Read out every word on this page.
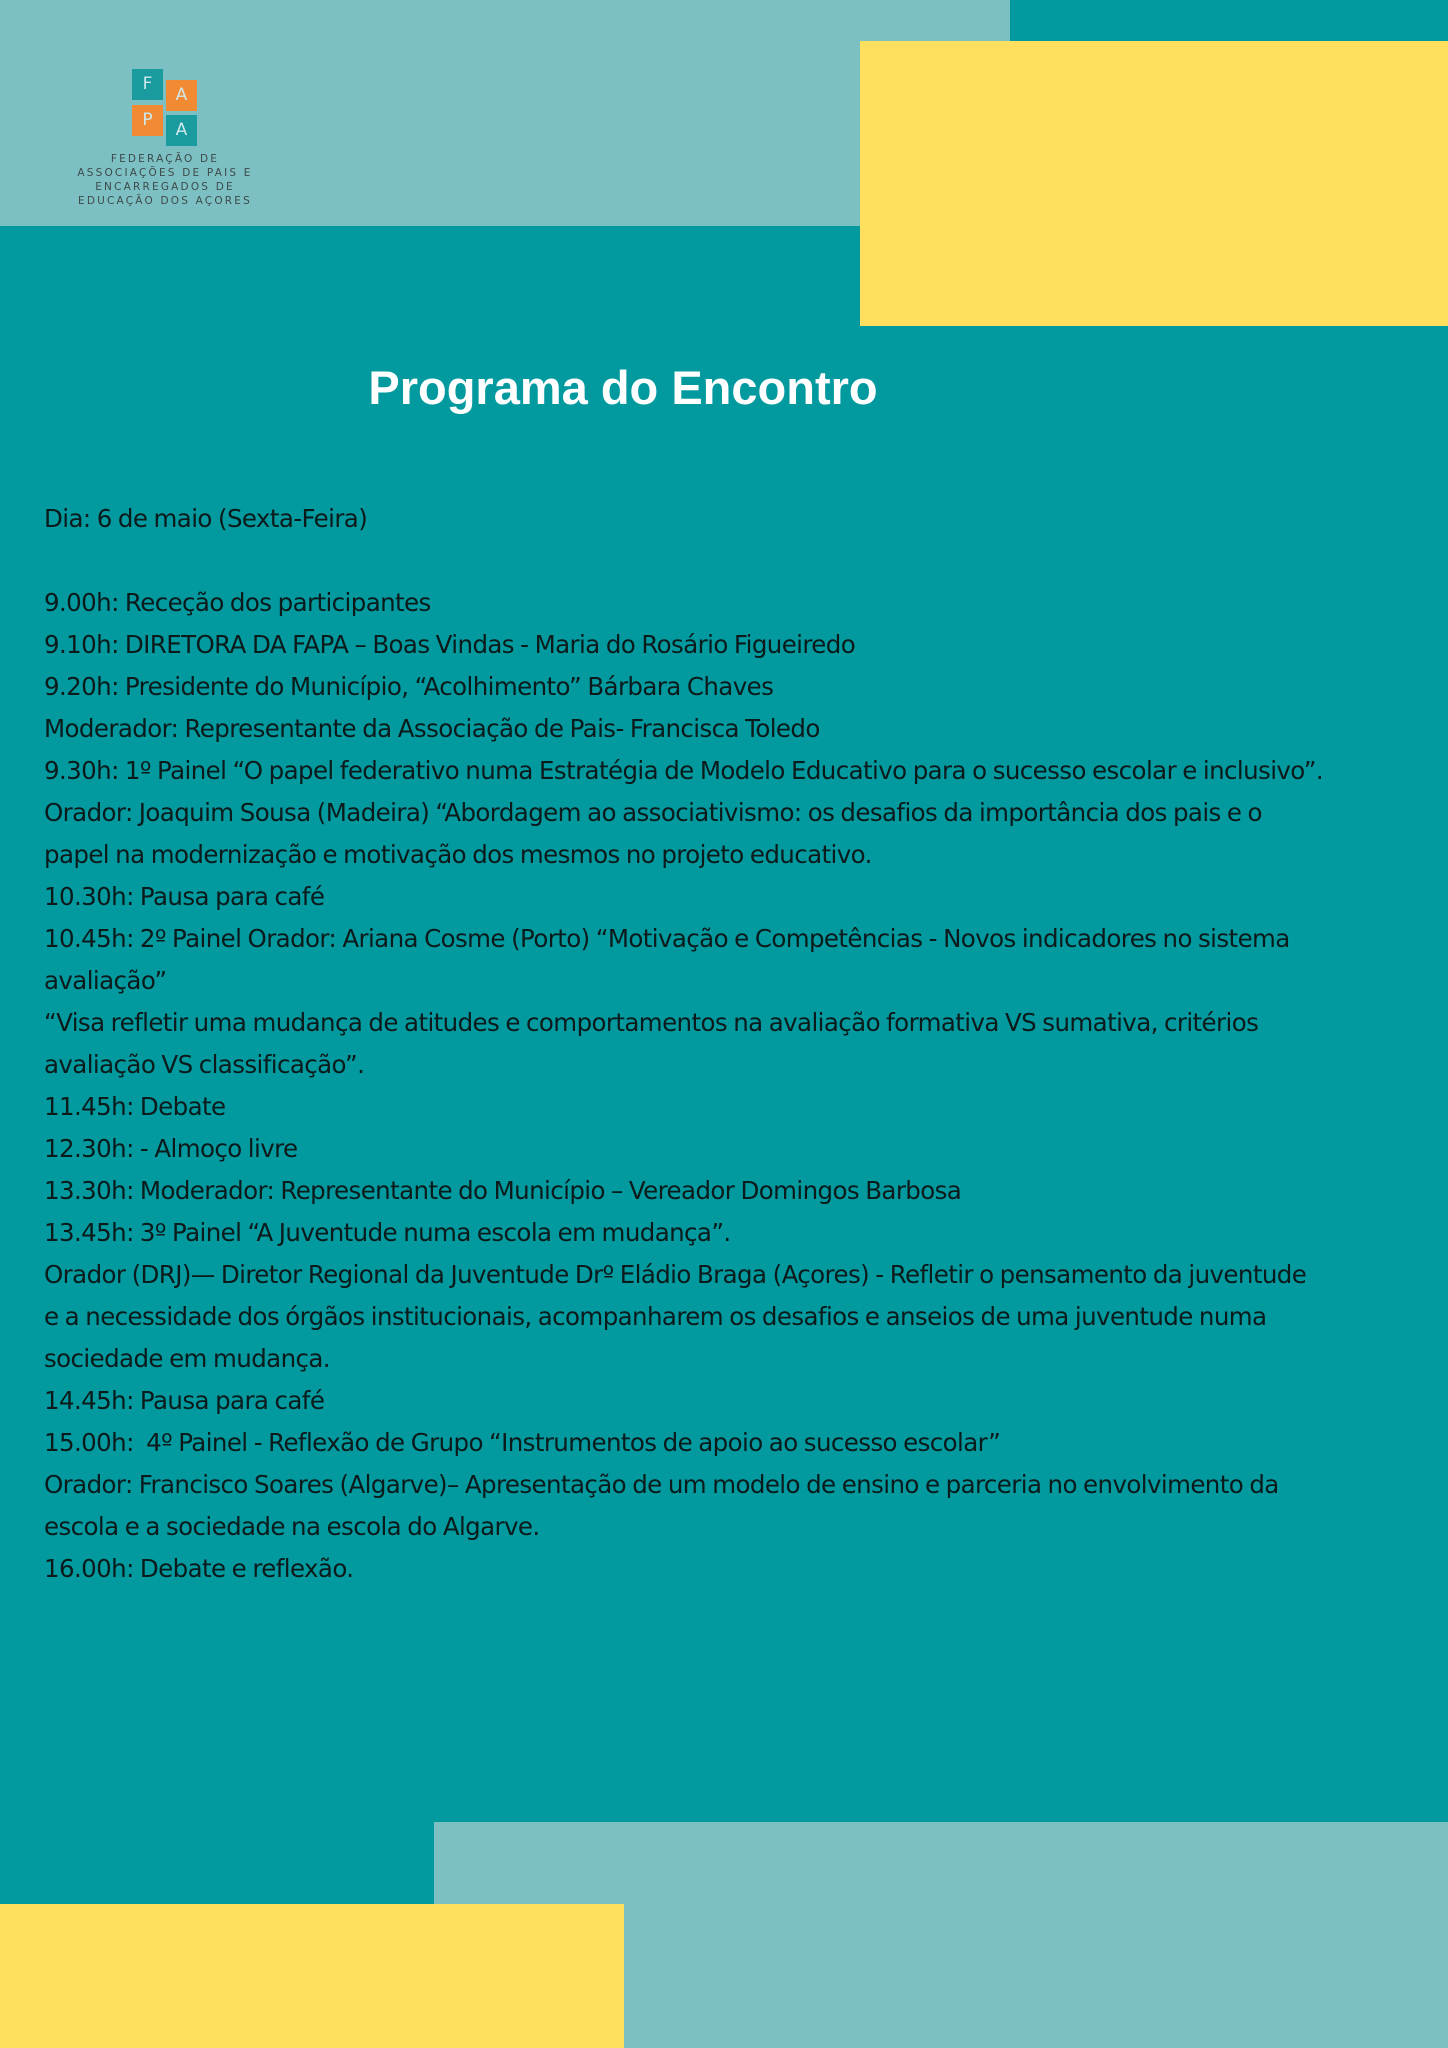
F
A
P	A
FEDERAÇÃO DE
ASSOCIAÇÕES DE PAIS E
ENCARREGADOS DE
EDUCAÇÃO DOS AÇORES
Programa do Encontro

Dia: 6 de maio (Sexta-Feira)

9.00h: Receção dos participantes

9.10h: DIRETORA DA FAPA – Boas Vindas - Maria do Rosário Figueiredo

9.20h: Presidente do Município, “Acolhimento” Bárbara Chaves

Moderador: Representante da Associação de Pais- Francisca Toledo

9.30h: 1º Painel “O papel federativo numa Estratégia de Modelo Educativo para o sucesso escolar e inclusivo”.

Orador: Joaquim Sousa (Madeira) “Abordagem ao associativismo: os desafios da importância dos pais e o

papel na modernização e motivação dos mesmos no projeto educativo.

10.30h: Pausa para café

10.45h: 2º Painel Orador: Ariana Cosme (Porto) “Motivação e Competências - Novos indicadores no sistema

avaliação”

“Visa refletir uma mudança de atitudes e comportamentos na avaliação formativa VS sumativa, critérios

avaliação VS classificação”.

11.45h: Debate

12.30h: - Almoço livre

13.30h: Moderador: Representante do Município – Vereador Domingos Barbosa

13.45h: 3º Painel “A Juventude numa escola em mudança”.

Orador (DRJ)— Diretor Regional da Juventude Drº Eládio Braga (Açores) - Refletir o pensamento da juventude

e a necessidade dos órgãos institucionais, acompanharem os desafios e anseios de uma juventude numa

sociedade em mudança.

14.45h: Pausa para café

15.00h:  4º Painel - Reflexão de Grupo “Instrumentos de apoio ao sucesso escolar”

Orador: Francisco Soares (Algarve)– Apresentação de um modelo de ensino e parceria no envolvimento da

escola e a sociedade na escola do Algarve.

16.00h: Debate e reflexão.
